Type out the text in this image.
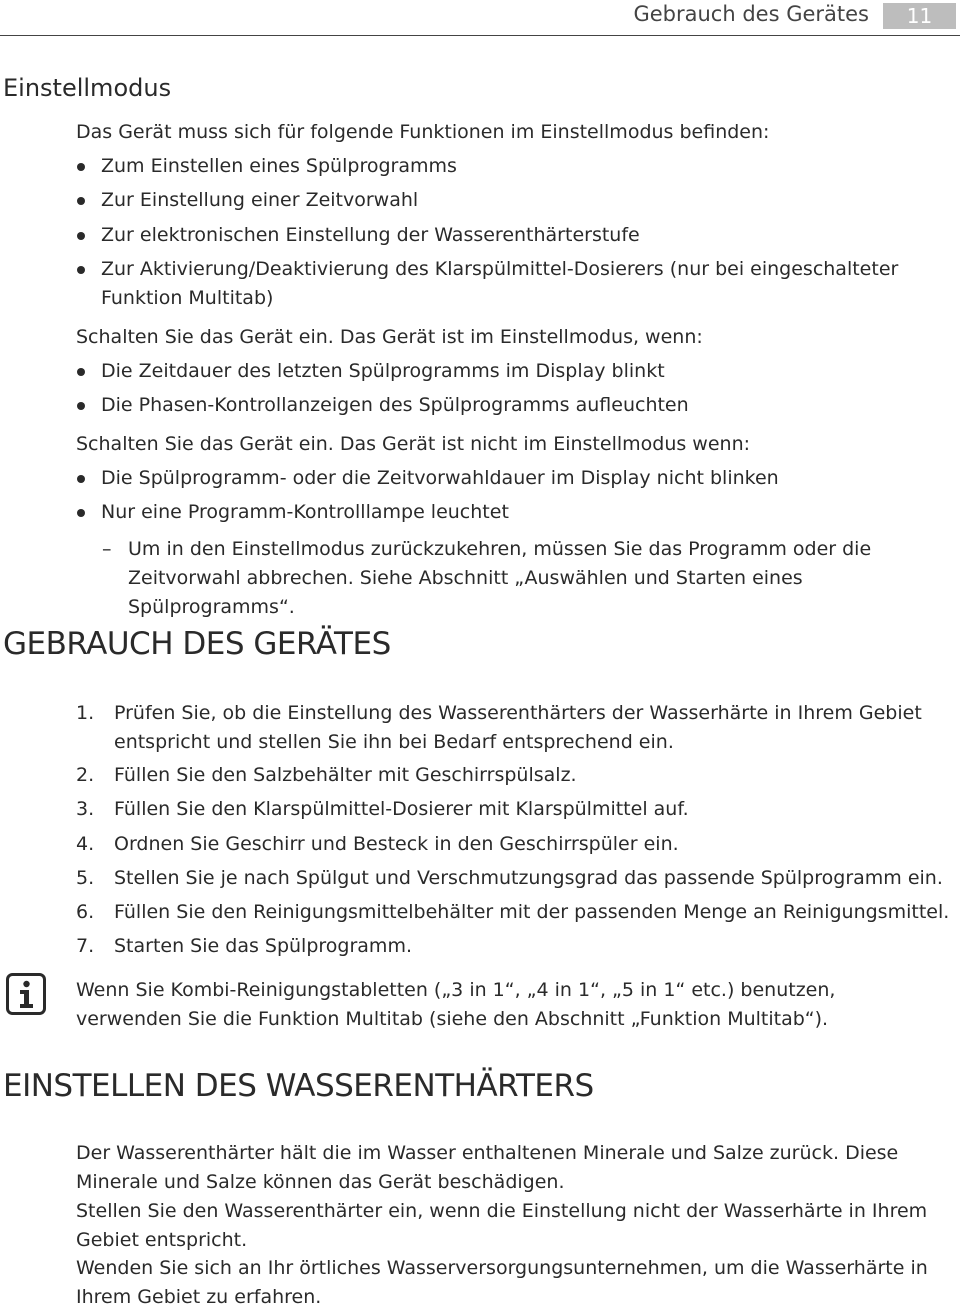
Gebrauch des Gerätes	11
Einstellmodus
Das Gerät muss sich für folgende Funktionen im Einstellmodus befinden:
Zum Einstellen eines Spülprogramms
Zur Einstellung einer Zeitvorwahl
Zur elektronischen Einstellung der Wasserenthärterstufe
Zur Aktivierung/Deaktivierung des Klarspülmittel-Dosierers (nur bei eingeschalteter Funktion Multitab)
Schalten Sie das Gerät ein. Das Gerät ist im Einstellmodus, wenn:
Die Zeitdauer des letzten Spülprogramms im Display blinkt
Die Phasen-Kontrollanzeigen des Spülprogramms aufleuchten
Schalten Sie das Gerät ein. Das Gerät ist nicht im Einstellmodus wenn:
Die Spülprogramm- oder die Zeitvorwahldauer im Display nicht blinken
Nur eine Programm-Kontrolllampe leuchtet
– Um in den Einstellmodus zurückzukehren, müssen Sie das Programm oder die Zeitvorwahl abbrechen. Siehe Abschnitt „Auswählen und Starten eines Spülprogramms“.
GEBRAUCH DES GERÄTES
1. Prüfen Sie, ob die Einstellung des Wasserenthärters der Wasserhärte in Ihrem Gebiet entspricht und stellen Sie ihn bei Bedarf entsprechend ein.
2. Füllen Sie den Salzbehälter mit Geschirrspülsalz.
3. Füllen Sie den Klarspülmittel-Dosierer mit Klarspülmittel auf.
4. Ordnen Sie Geschirr und Besteck in den Geschirrspüler ein.
5. Stellen Sie je nach Spülgut und Verschmutzungsgrad das passende Spülprogramm ein.
6. Füllen Sie den Reinigungsmittelbehälter mit der passenden Menge an Reinigungsmittel.
7. Starten Sie das Spülprogramm.
Wenn Sie Kombi-Reinigungstabletten („3 in 1“, „4 in 1“, „5 in 1“ etc.) benutzen, verwenden Sie die Funktion Multitab (siehe den Abschnitt „Funktion Multitab“).
EINSTELLEN DES WASSERENTHÄRTERS
Der Wasserenthärter hält die im Wasser enthaltenen Minerale und Salze zurück. Diese Minerale und Salze können das Gerät beschädigen.
Stellen Sie den Wasserenthärter ein, wenn die Einstellung nicht der Wasserhärte in Ihrem Gebiet entspricht.
Wenden Sie sich an Ihr örtliches Wasserversorgungsunternehmen, um die Wasserhärte in Ihrem Gebiet zu erfahren.
